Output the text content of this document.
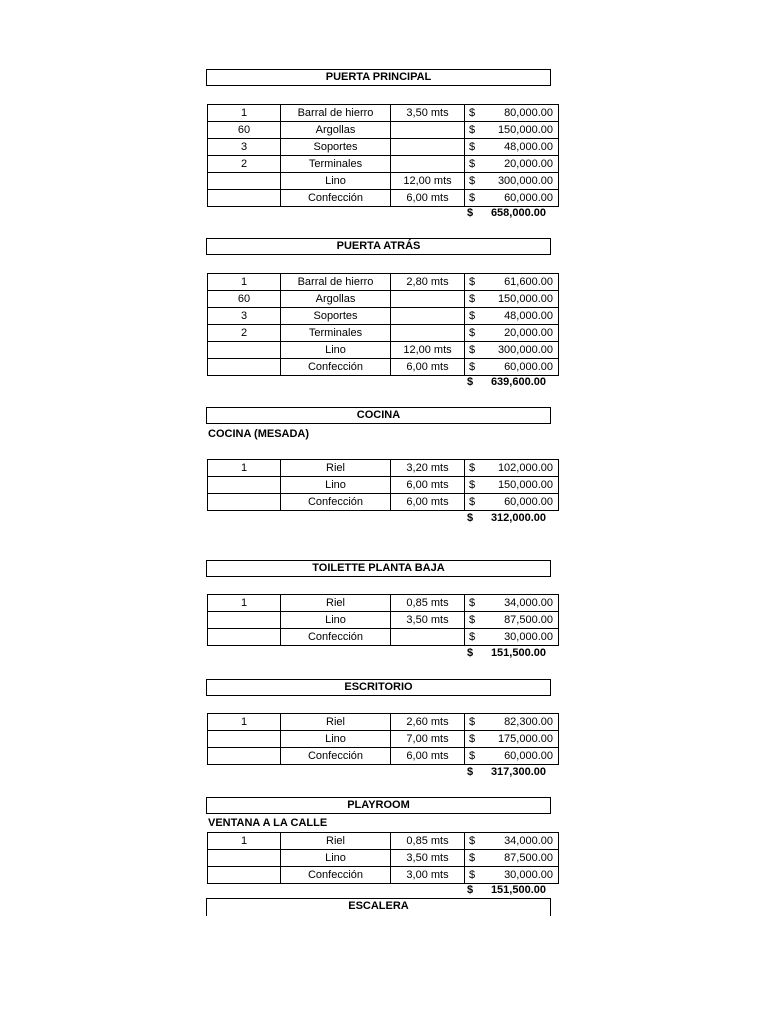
PUERTA PRINCIPAL
1	Barral de hierro	3,50 mts	$	80,000.00
60	Argollas		$	150,000.00
3	Soportes		$	48,000.00
2	Terminales		$	20,000.00
	Lino	12,00 mts	$	300,000.00
	Confección	6,00 mts	$	60,000.00
$ 658,000.00
PUERTA ATRÁS
1	Barral de hierro	2,80 mts	$	61,600.00
60	Argollas		$	150,000.00
3	Soportes		$	48,000.00
2	Terminales		$	20,000.00
	Lino	12,00 mts	$	300,000.00
	Confección	6,00 mts	$	60,000.00
$ 639,600.00
COCINA
COCINA (MESADA)
1	Riel	3,20 mts	$	102,000.00
	Lino	6,00 mts	$	150,000.00
	Confección	6,00 mts	$	60,000.00
$ 312,000.00
TOILETTE PLANTA BAJA
1	Riel	0,85 mts	$	34,000.00
	Lino	3,50 mts	$	87,500.00
	Confección		$	30,000.00
$ 151,500.00
ESCRITORIO
1	Riel	2,60 mts	$	82,300.00
	Lino	7,00 mts	$	175,000.00
	Confección	6,00 mts	$	60,000.00
$ 317,300.00
PLAYROOM
VENTANA A LA CALLE
1	Riel	0,85 mts	$	34,000.00
	Lino	3,50 mts	$	87,500.00
	Confección	3,00 mts	$	30,000.00
$ 151,500.00
ESCALERA
